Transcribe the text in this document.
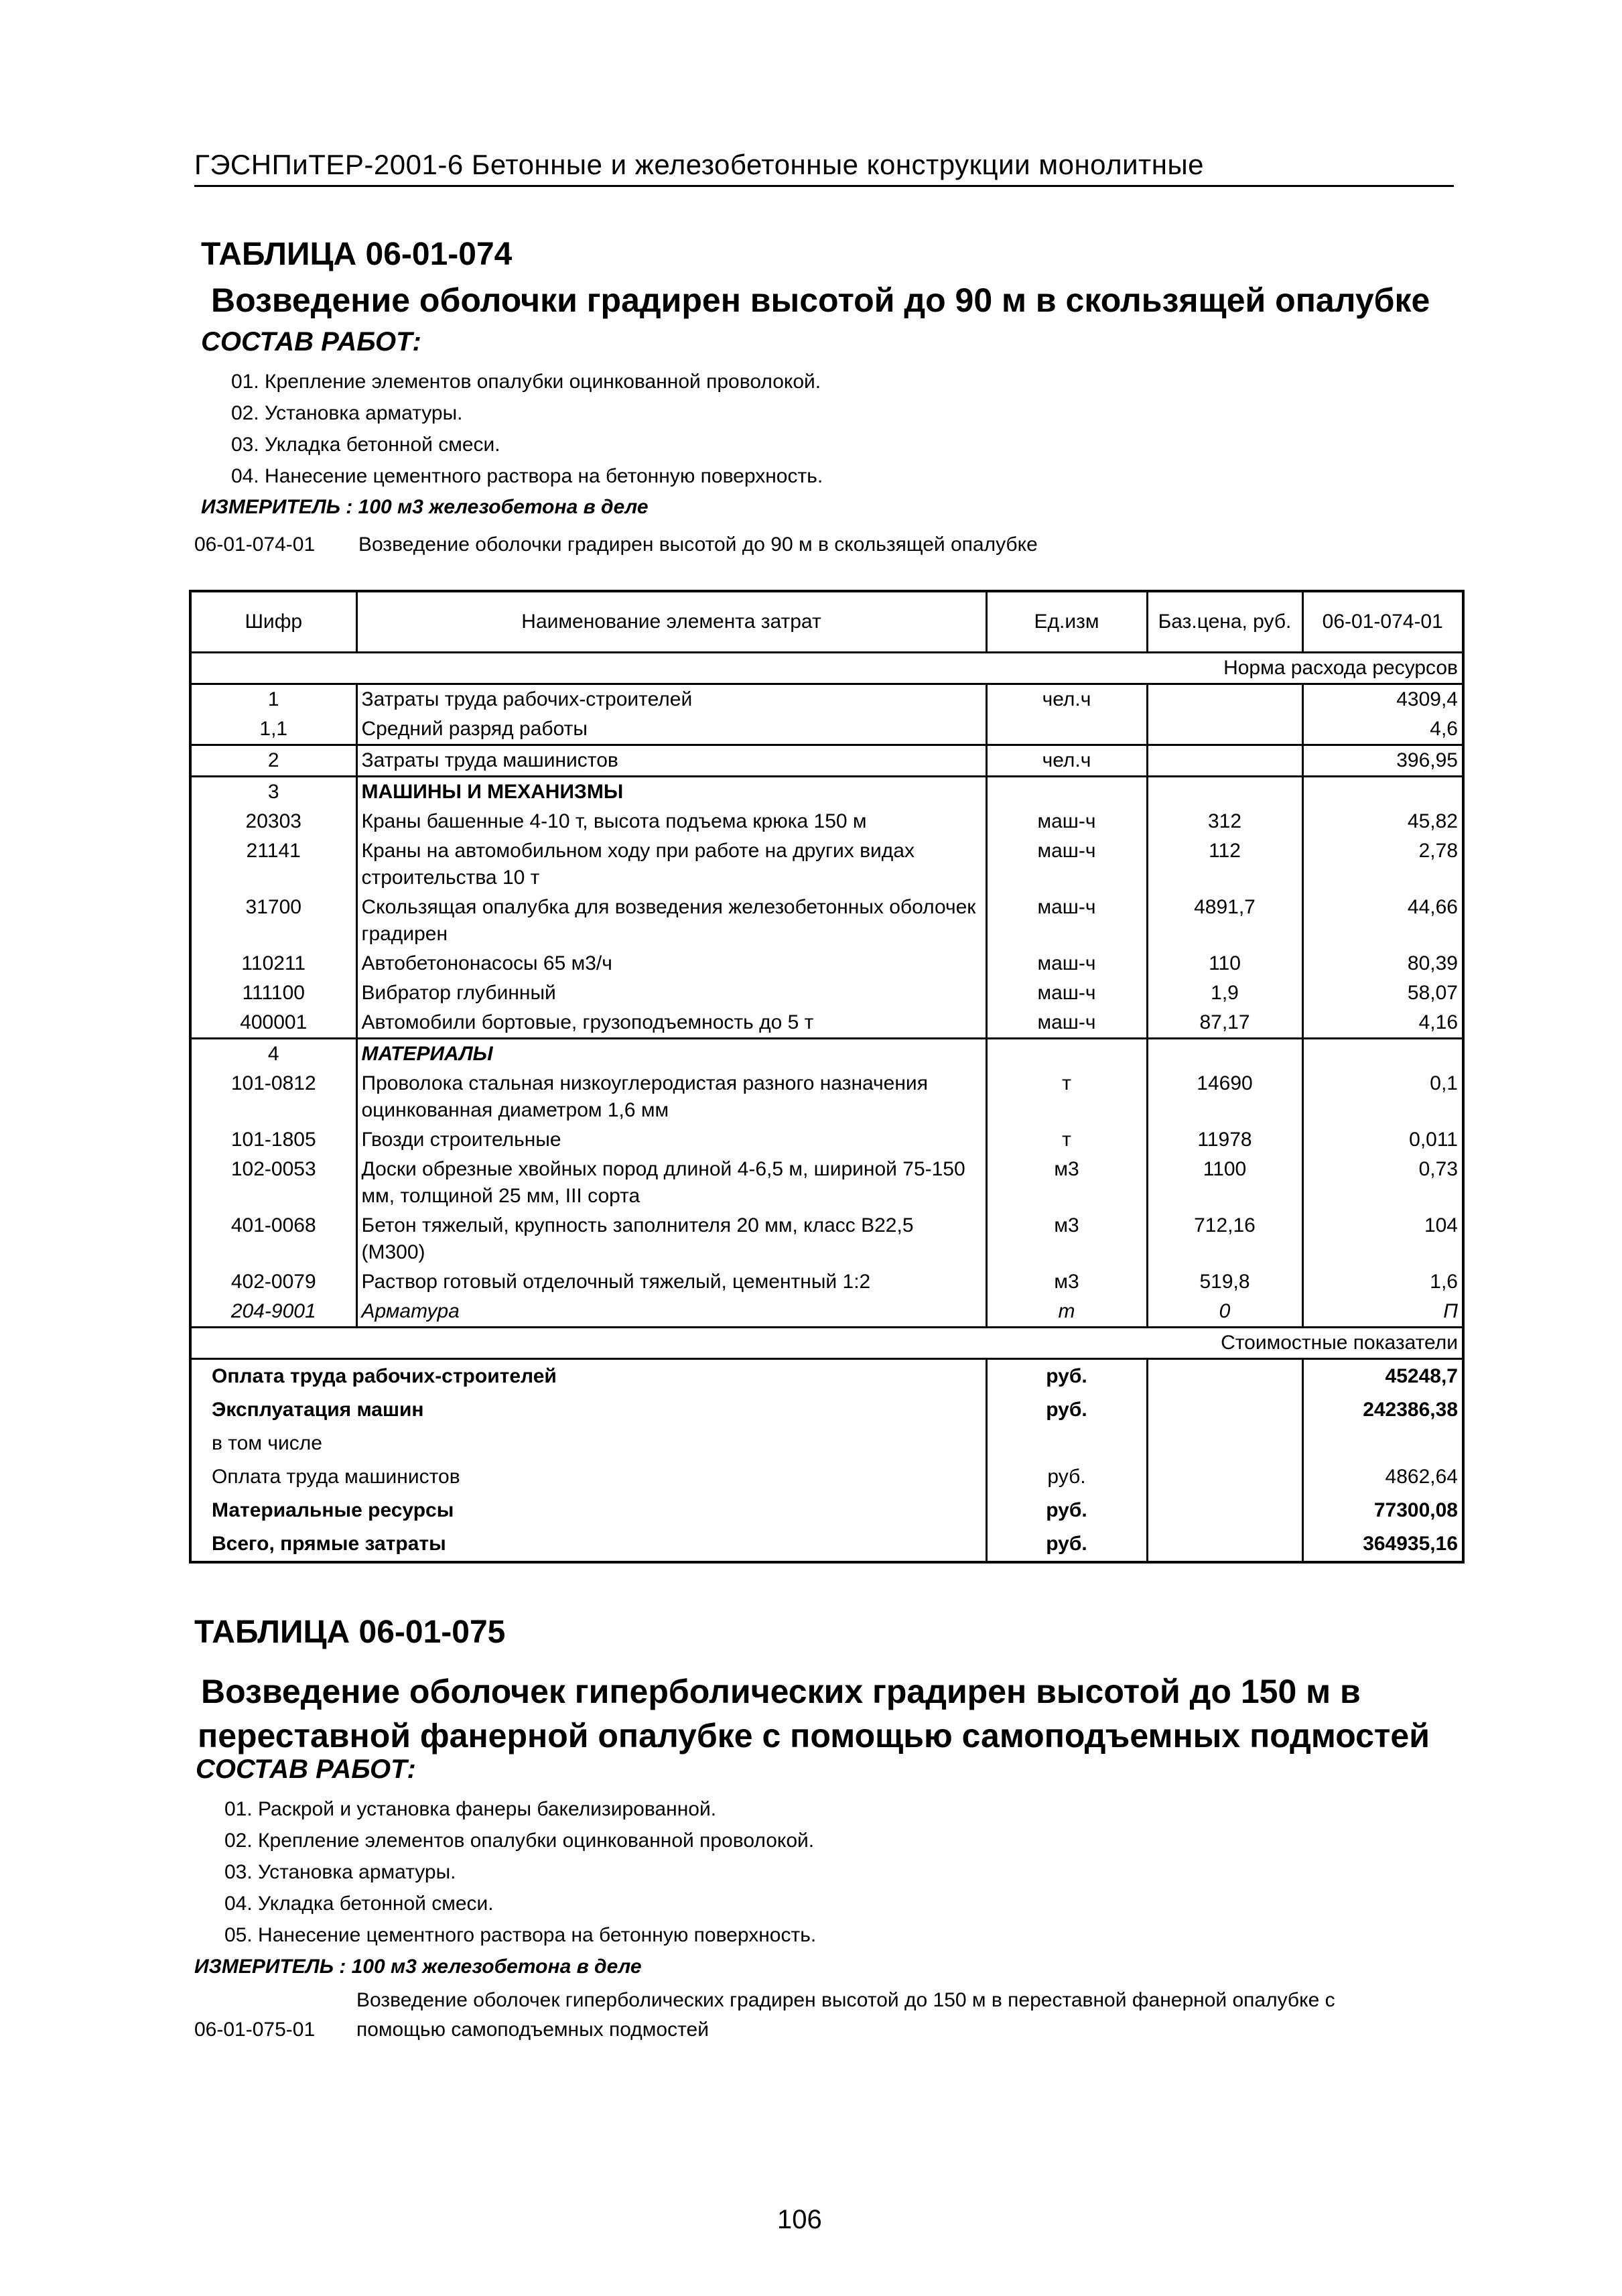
ГЭСНПиТЕР-2001-6 Бетонные и железобетонные конструкции монолитные
ТАБЛИЦА 06-01-074
Возведение оболочки градирен высотой до 90 м в скользящей опалубке
СОСТАВ РАБОТ:
01. Крепление элементов опалубки оцинкованной проволокой.
02. Установка арматуры.
03. Укладка бетонной смеси.
04. Нанесение цементного раствора на бетонную поверхность.
ИЗМЕРИТЕЛЬ : 100 м3 железобетона в деле
06-01-074-01 Возведение оболочки градирен высотой до 90 м в скользящей опалубке
Шифр	Наименование элемента затрат	Ед.изм	Баз.цена, руб.	06-01-074-01
Норма расхода ресурсов				
1	Затраты труда рабочих-строителей	чел.ч		4309,4
1,1	Средний разряд работы			4,6
2	Затраты труда машинистов	чел.ч		396,95
3	МАШИНЫ И МЕХАНИЗМЫ			
20303	Краны башенные 4-10 т, высота подъема крюка 150 м	маш-ч	312	45,82
21141	Краны на автомобильном ходу при работе на других видах строительства 10 т	маш-ч	112	2,78
31700	Скользящая опалубка для возведения железобетонных оболочек градирен	маш-ч	4891,7	44,66
110211	Автобетононасосы 65 м3/ч	маш-ч	110	80,39
111100	Вибратор глубинный	маш-ч	1,9	58,07
400001	Автомобили бортовые, грузоподъемность до 5 т	маш-ч	87,17	4,16
4	МАТЕРИАЛЫ			
101-0812	Проволока стальная низкоуглеродистая разного назначения оцинкованная диаметром 1,6 мм	т	14690	0,1
101-1805	Гвозди строительные	т	11978	0,011
102-0053	Доски обрезные хвойных пород длиной 4-6,5 м, шириной 75-150 мм, толщиной 25 мм, III сорта	м3	1100	0,73
401-0068	Бетон тяжелый, крупность заполнителя 20 мм, класс В22,5 (М300)	м3	712,16	104
402-0079	Раствор готовый отделочный тяжелый, цементный 1:2	м3	519,8	1,6
204-9001	Арматура	т	0	П
Стоимостные показатели				
Оплата труда рабочих-строителей		руб.		45248,7
Эксплуатация машин		руб.		242386,38
в том числе				
Оплата труда машинистов		руб.		4862,64
Материальные ресурсы		руб.		77300,08
Всего, прямые затраты		руб.		364935,16
ТАБЛИЦА 06-01-075
Возведение оболочек гиперболических градирен высотой до 150 м в
переставной фанерной опалубке с помощью самоподъемных подмостей
СОСТАВ РАБОТ:
01. Раскрой и установка фанеры бакелизированной.
02. Крепление элементов опалубки оцинкованной проволокой.
03. Установка арматуры.
04. Укладка бетонной смеси.
05. Нанесение цементного раствора на бетонную поверхность.
ИЗМЕРИТЕЛЬ : 100 м3 железобетона в деле
Возведение оболочек гиперболических градирен высотой до 150 м в переставной фанерной опалубке с
06-01-075-01 помощью самоподъемных подмостей
106
